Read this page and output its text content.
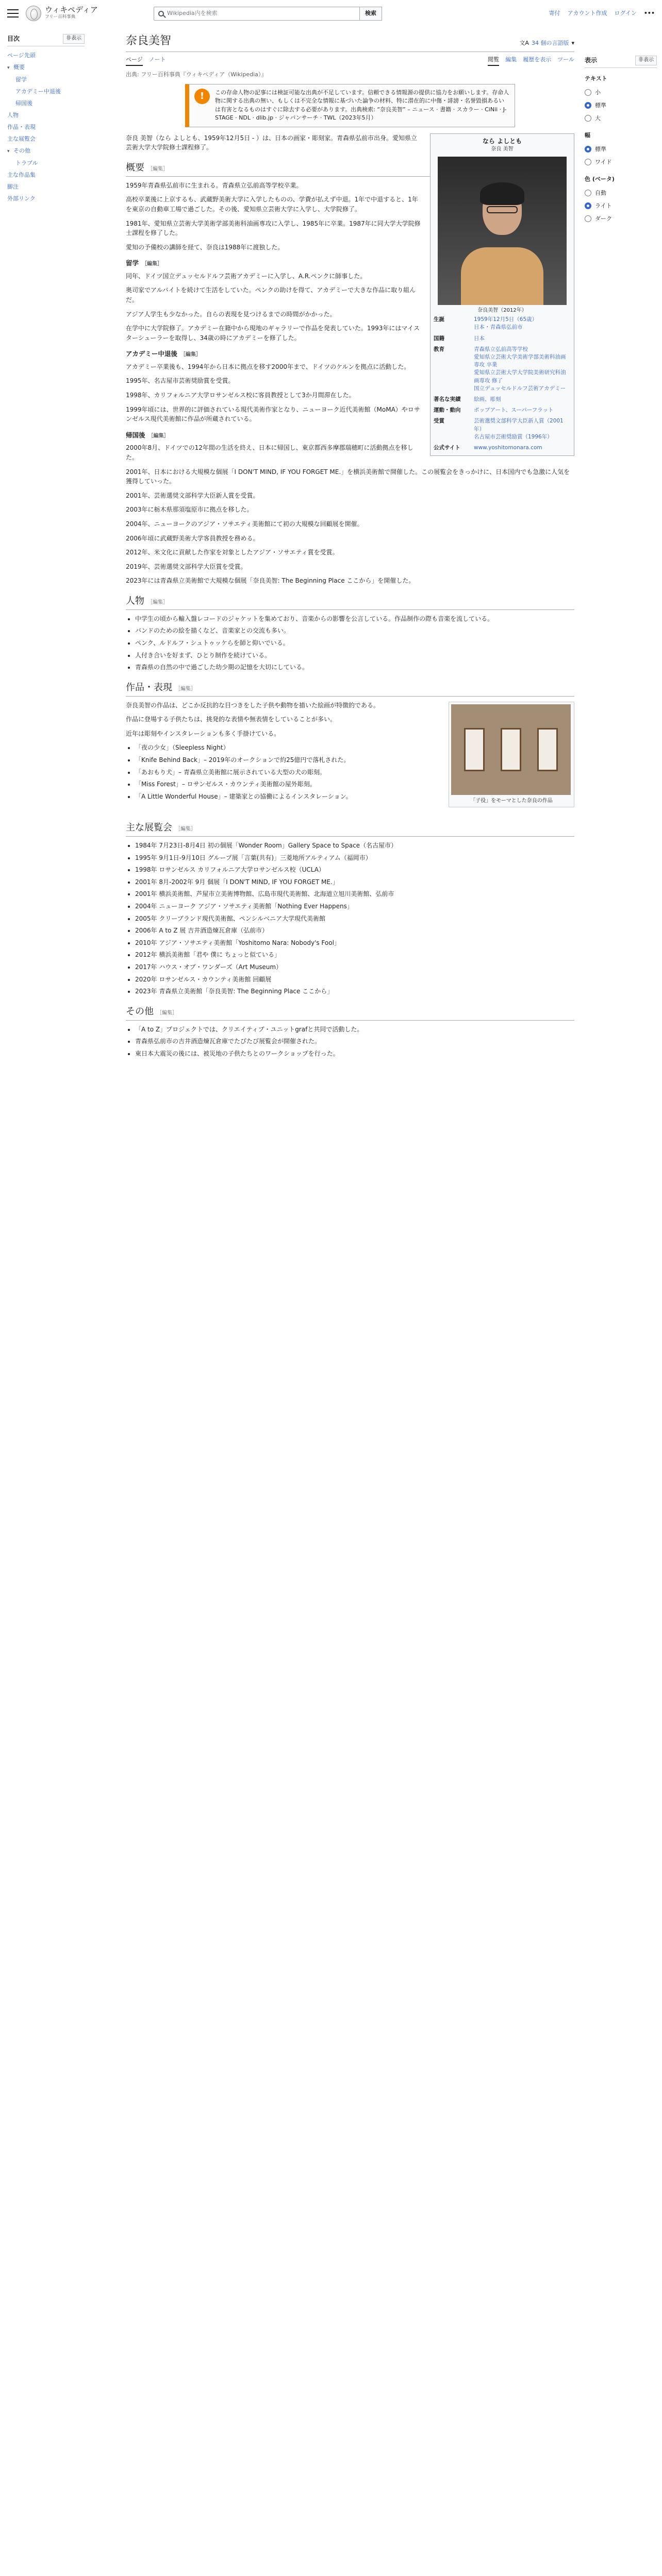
ウィキペディア
フリー百科事典
Wikipedia内を検索	検索	寄付 アカウント作成 ログイン •••
目次	非表示
ページ先頭
▾ 概要
留学
アカデミー中退後
帰国後
人物
作品・表現
主な展覧会
▾ その他
トラブル
主な作品集
脚注
外部リンク
表示	非表示
テキスト
小
標準
大
幅
標準
ワイド
色 (ベータ)
自動
ライト
ダーク
奈良美智	文A 34 個の言語版 ▾
ページ ノート	閲覧 編集 履歴を表示 ツール
出典: フリー百科事典『ウィキペディア（Wikipedia）』
!	この存命人物の記事には検証可能な出典が不足しています。信頼できる情報源の提供に協力をお願いします。存命人物に関する出典の無い、もしくは不完全な情報に基づいた論争の材料、特に潜在的に中傷・誹謗・名誉毀損あるいは有害となるものはすぐに除去する必要があります。出典検索: “奈良美智” – ニュース · 書籍 · スカラー · CiNii · J-STAGE · NDL · dlib.jp · ジャパンサーチ · TWL（2023年5月）
なら よしとも
奈良 美智
奈良美智（2012年）
生誕	1959年12月5日（65歳）
日本・青森県弘前市
国籍	日本
教育	青森県立弘前高等学校
愛知県立芸術大学美術学部美術科油画専攻 卒業
愛知県立芸術大学大学院美術研究科油画専攻 修了
国立デュッセルドルフ芸術アカデミー
著名な実績	絵画、彫刻
運動・動向	ポップアート、スーパーフラット
受賞	芸術選奨文部科学大臣新人賞（2001年）
名古屋市芸術奨励賞（1996年）
公式サイト	www.yoshitomonara.com

奈良 美智（なら よしとも、1959年12月5日 - ）は、日本の画家・彫刻家。青森県弘前市出身。愛知県立芸術大学大学院修士課程修了。

概要 ［ 編集 ］

1959年青森県弘前市に生まれる。青森県立弘前高等学校卒業。

高校卒業後に上京するも、武蔵野美術大学に入学したものの、学費が払えず中退。1年で中退すると、1年を東京の自動車工場で過ごした。その後、愛知県立芸術大学に入学し、大学院修了。

1981年、愛知県立芸術大学美術学部美術科油画専攻に入学し、1985年に卒業。1987年に同大学大学院修士課程を修了した。

愛知の予備校の講師を経て、奈良は1988年に渡独した。

留学 ［ 編集 ］

同年、ドイツ国立デュッセルドルフ芸術アカデミーに入学し、A.R.ペンクに師事した。

奥司家でアルバイトを続けて生活をしていた。ペンクの助けを得て、アカデミーで大きな作品に取り組んだ。

アジア人学生も少なかった。自らの表現を見つけるまでの時間がかかった。

在学中に大学院修了。アカデミー在籍中から現地のギャラリーで作品を発表していた。1993年にはマイスターシューラーを取得し、34歳の時にアカデミーを修了した。

アカデミー中退後 ［ 編集 ］

アカデミー卒業後も、1994年から日本に拠点を移す2000年まで、ドイツのケルンを拠点に活動した。

1995年、名古屋市芸術奨励賞を受賞。

1998年、カリフォルニア大学ロサンゼルス校に客員教授として3か月間滞在した。

1999年頃には、世界的に評価されている現代美術作家となり、ニューヨーク近代美術館（MoMA）やロサンゼルス現代美術館に作品が所蔵されている。

帰国後 ［ 編集 ］

2000年8月、ドイツでの12年間の生活を終え、日本に帰国し、東京都西多摩郡瑞穂町に活動拠点を移した。

2001年、日本における大規模な個展「I DON'T MIND, IF YOU FORGET ME.」を横浜美術館で開催した。この展覧会をきっかけに、日本国内でも急激に人気を獲得していった。

2001年、芸術選奨文部科学大臣新人賞を受賞。

2003年に栃木県那須塩原市に拠点を移した。

2004年、ニューヨークのアジア・ソサエティ美術館にて初の大規模な回顧展を開催。

2006年頃に武蔵野美術大学客員教授を務める。

2012年、米文化に貢献した作家を対象としたアジア・ソサエティ賞を受賞。

2019年、芸術選奨文部科学大臣賞を受賞。

2023年には青森県立美術館で大規模な個展「奈良美智: The Beginning Place ここから」を開催した。

人物 ［ 編集 ］
• 中学生の頃から輸入盤レコードのジャケットを集めており、音楽からの影響を公言している。作品制作の際も音楽を流している。
• バンドのための絵を描くなど、音楽家との交流も多い。
• ペンク、ルドルフ・シュトゥッケらを師と仰いでいる。
• 人付き合いを好まず、ひとり制作を続けている。
• 青森県の自然の中で過ごした幼少期の記憶を大切にしている。
作品・表現 ［ 編集 ］
「子役」をモーマとした奈良の作品

奈良美智の作品は、どこか反抗的な目つきをした子供や動物を描いた絵画が特徴的である。

作品に登場する子供たちは、挑発的な表情や無表情をしていることが多い。

近年は彫刻やインスタレーションも多く手掛けている。

• 「夜の少女」（Sleepless Night）
• 「Knife Behind Back」– 2019年のオークションで約25億円で落札された。
• 「あおもり犬」– 青森県立美術館に展示されている大型の犬の彫刻。
• 「Miss Forest」– ロサンゼルス・カウンティ美術館の屋外彫刻。
• 「A Little Wonderful House」– 建築家との協働によるインスタレーション。
主な展覧会 ［ 編集 ］
• 1984年 7月23日-8月4日 初の個展「Wonder Room」Gallery Space to Space（名古屋市）
• 1995年 9月1日-9月10日 グループ展「言葉(共有)」三菱地所アルティアム（福岡市）
• 1998年 ロサンゼルス カリフォルニア大学ロサンゼルス校（UCLA）
• 2001年 8月-2002年 9月 個展「I DON'T MIND, IF YOU FORGET ME.」
• 2001年 横浜美術館、芦屋市立美術博物館、広島市現代美術館、北海道立旭川美術館、弘前市
• 2004年 ニューヨーク アジア・ソサエティ美術館「Nothing Ever Happens」
• 2005年 クリーブランド現代美術館、ペンシルベニア大学現代美術館
• 2006年 A to Z 展 吉井酒造煉瓦倉庫（弘前市）
• 2010年 アジア・ソサエティ美術館「Yoshitomo Nara: Nobody's Fool」
• 2012年 横浜美術館「君や 僕に ちょっと似ている」
• 2017年 ハウス・オブ・ワンダーズ（Art Museum）
• 2020年 ロサンゼルス・カウンティ美術館 回顧展
• 2023年 青森県立美術館「奈良美智: The Beginning Place ここから」
その他 ［ 編集 ］
• 「A to Z」プロジェクトでは、クリエイティブ・ユニットgrafと共同で活動した。
• 青森県弘前市の吉井酒造煉瓦倉庫でたびたび展覧会が開催された。
• 東日本大震災の後には、被災地の子供たちとのワークショップを行った。
